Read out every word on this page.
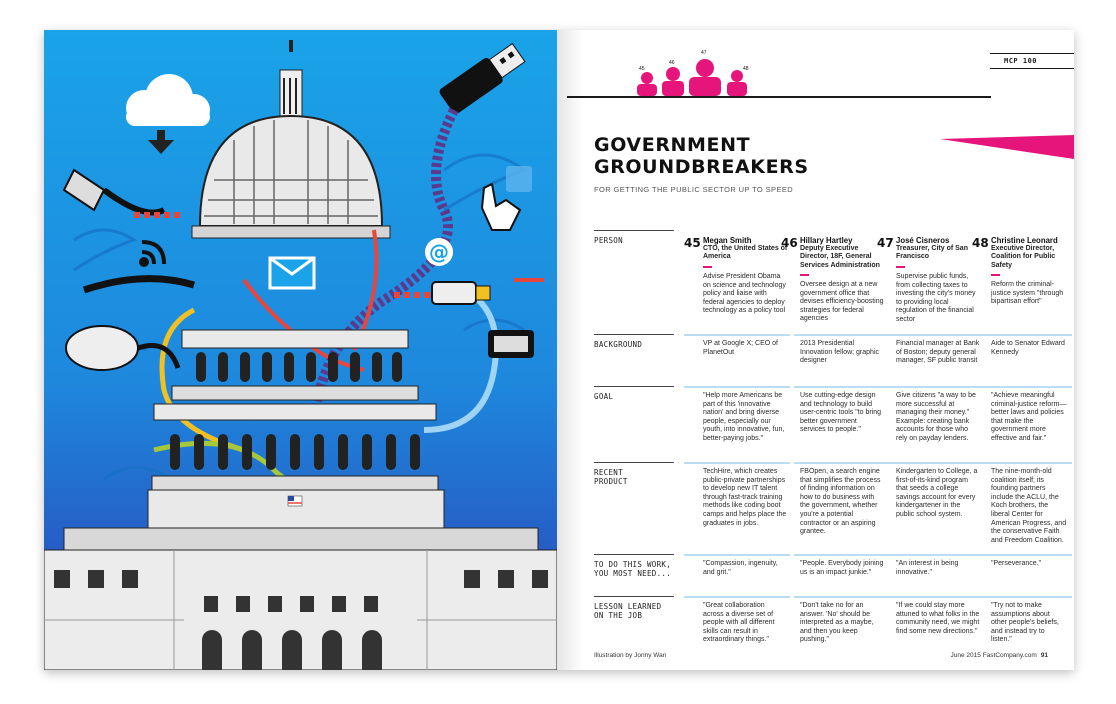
@
MCP 100
45
46
47
48
GOVERNMENT
GROUNDBREAKERS
FOR GETTING THE PUBLIC SECTOR UP TO SPEED
PERSON
BACKGROUND
GOAL
RECENT
PRODUCT
TO DO THIS WORK,
YOU MOST NEED...
LESSON LEARNED
ON THE JOB
45 Megan Smith
CTO, the United States of America
Advise President Obama on science and technology policy and liaise with federal agencies to deploy technology as a policy tool
VP at Google X; CEO of PlanetOut
"Help more Americans be part of this 'innovative nation' and bring diverse people, especially our youth, into innovative, fun, better-paying jobs."
TechHire, which creates public-private partnerships to develop new IT talent through fast-track training methods like coding boot camps and helps place the graduates in jobs.
"Compassion, ingenuity, and grit."
"Great collaboration across a diverse set of people with all different skills can result in extraordinary things."
46 Hillary Hartley
Deputy Executive Director, 18F, General Services Administration
Oversee design at a new government office that devises efficiency-boosting strategies for federal agencies
2013 Presidential Innovation fellow; graphic designer
Use cutting-edge design and technology to build user-centric tools "to bring better government services to people."
FBOpen, a search engine that simplifies the process of finding information on how to do business with the government, whether you're a potential contractor or an aspiring grantee.
"People. Everybody joining us is an impact junkie."
"Don't take no for an answer. 'No' should be interpreted as a maybe, and then you keep pushing."
47 José Cisneros
Treasurer, City of San Francisco
Supervise public funds, from collecting taxes to investing the city's money to providing local regulation of the financial sector
Financial manager at Bank of Boston; deputy general manager, SF public transit
Give citizens "a way to be more successful at managing their money." Example: creating bank accounts for those who rely on payday lenders.
Kindergarten to College, a first-of-its-kind program that seeds a college savings account for every kindergartener in the public school system.
"An interest in being innovative."
"If we could stay more attuned to what folks in the community need, we might find some new directions."
48 Christine Leonard
Executive Director, Coalition for Public Safety
Reform the criminal-justice system "through bipartisan effort"
Aide to Senator Edward Kennedy
"Achieve meaningful criminal-justice reform—better laws and policies that make the government more effective and fair."
The nine-month-old coalition itself; its founding partners include the ACLU, the Koch brothers, the liberal Center for American Progress, and the conservative Faith and Freedom Coalition.
"Perseverance."
"Try not to make assumptions about other people's beliefs, and instead try to listen."
Illustration by Jonny Wan	June 2015 FastCompany.com 91
